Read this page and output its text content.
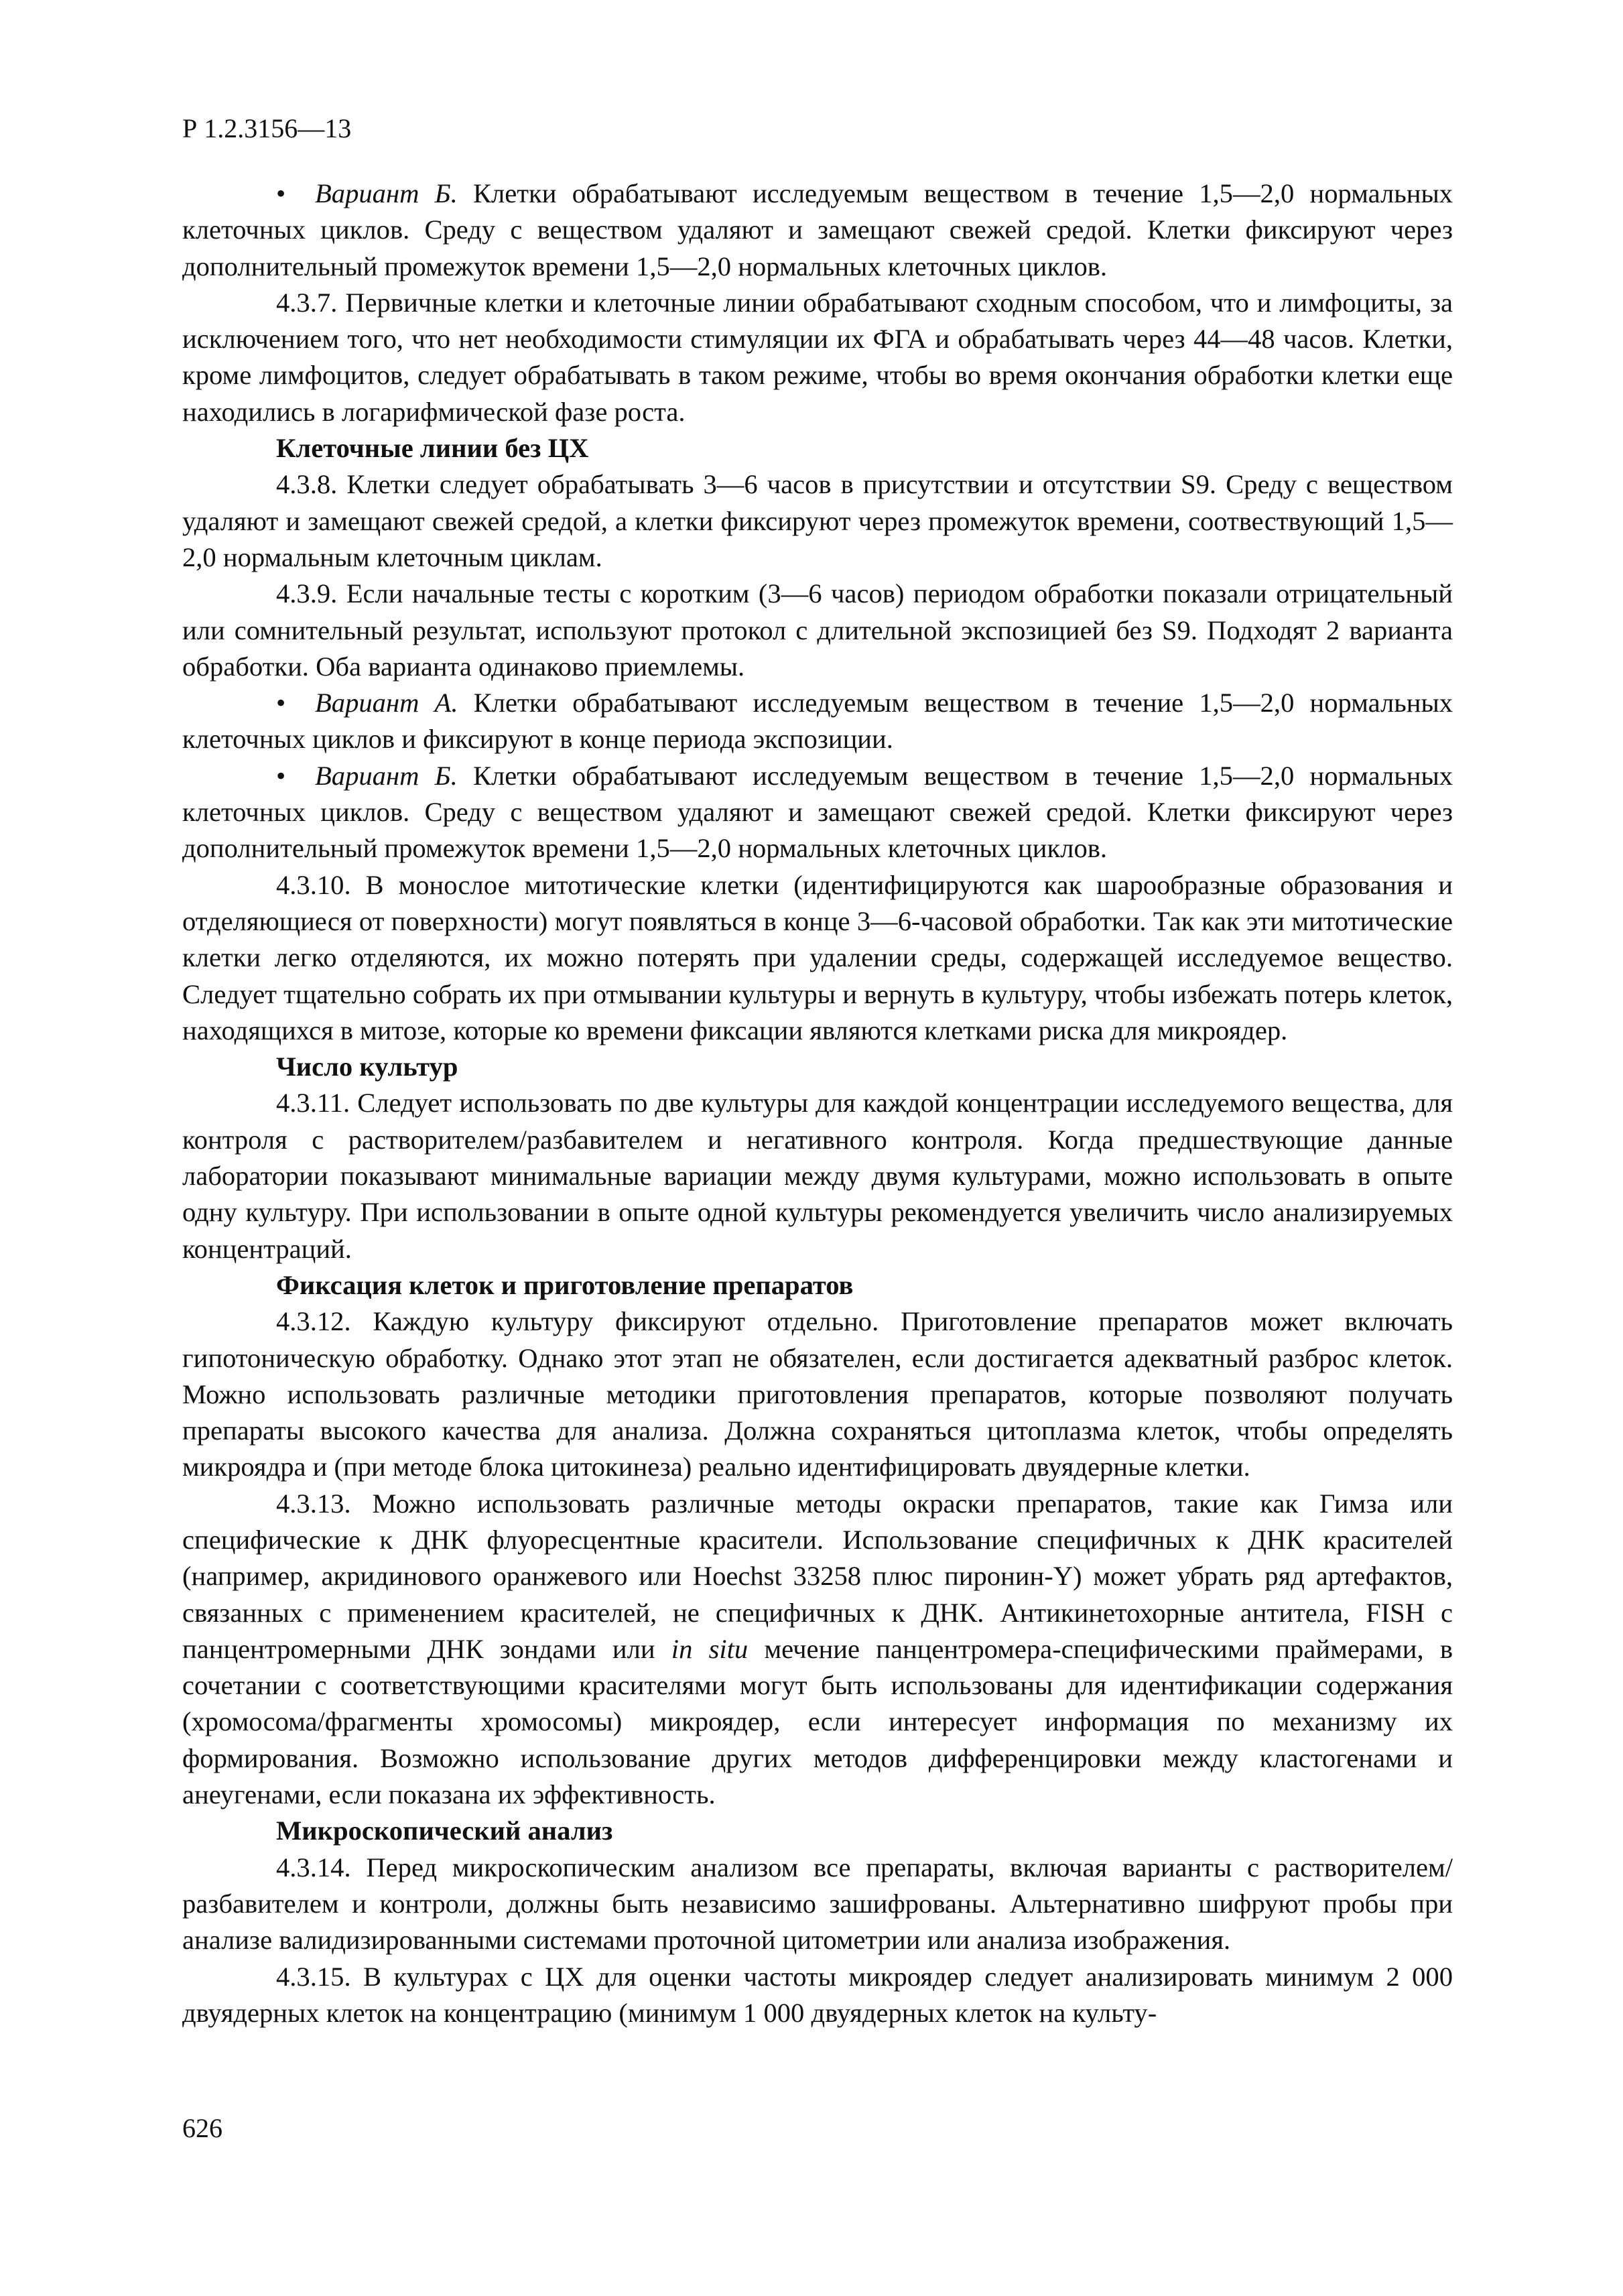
Р 1.2.3156—13

• Вариант Б. Клетки обрабатывают исследуемым веществом в течение 1,5—2,0 нормальных клеточных циклов. Среду с веществом удаляют и замещают свежей средой. Клетки фиксируют через дополнительный промежуток времени 1,5—2,0 нормальных клеточных циклов.

4.3.7. Первичные клетки и клеточные линии обрабатывают сходным способом, что и лимфоциты, за исключением того, что нет необходимости стимуляции их ФГА и обрабатывать через 44—48 часов. Клетки, кроме лимфоцитов, следует обрабатывать в таком режиме, чтобы во время окончания обработки клетки еще находились в логарифмической фазе роста.

Клеточные линии без ЦХ

4.3.8. Клетки следует обрабатывать 3—6 часов в присутствии и отсутствии S9. Среду с веществом удаляют и замещают свежей средой, а клетки фиксируют через промежуток времени, соотвествующий 1,5—2,0 нормальным клеточным циклам.

4.3.9. Если начальные тесты с коротким (3—6 часов) периодом обработки показали отрицательный или сомнительный результат, используют протокол с длительной экспозицией без S9. Подходят 2 варианта обработки. Оба варианта одинаково приемлемы.

• Вариант А. Клетки обрабатывают исследуемым веществом в течение 1,5—2,0 нормальных клеточных циклов и фиксируют в конце периода экспозиции.

• Вариант Б. Клетки обрабатывают исследуемым веществом в течение 1,5—2,0 нормальных клеточных циклов. Среду с веществом удаляют и замещают свежей средой. Клетки фиксируют через дополнительный промежуток времени 1,5—2,0 нормальных клеточных циклов.

4.3.10. В монослое митотические клетки (идентифицируются как шарообразные образования и отделяющиеся от поверхности) могут появляться в конце 3—6-часовой обработки. Так как эти митотические клетки легко отделяются, их можно потерять при удалении среды, содержащей исследуемое вещество. Следует тщательно собрать их при отмывании культуры и вернуть в культуру, чтобы избежать потерь клеток, находящихся в митозе, которые ко времени фиксации являются клетками риска для микроядер.

Число культур

4.3.11. Следует использовать по две культуры для каждой концентрации исследуемого вещества, для контроля с растворителем/разбавителем и негативного контроля. Когда предшествующие данные лаборатории показывают минимальные вариации между двумя культурами, можно использовать в опыте одну культуру. При использовании в опыте одной культуры рекомендуется увеличить число анализируемых концентраций.

Фиксация клеток и приготовление препаратов

4.3.12. Каждую культуру фиксируют отдельно. Приготовление препаратов может включать гипотоническую обработку. Однако этот этап не обязателен, если достигается адекватный разброс клеток. Можно использовать различные методики приготовления препаратов, которые позволяют получать препараты высокого качества для анализа. Должна сохраняться цитоплазма клеток, чтобы определять микроядра и (при методе блока цитокинеза) реально идентифицировать двуядерные клетки.

4.3.13. Можно использовать различные методы окраски препаратов, такие как Гимза или специфические к ДНК флуоресцентные красители. Использование специфичных к ДНК красителей (например, акридинового оранжевого или Hoechst 33258 плюс пиронин-Y) может убрать ряд артефактов, связанных с применением красителей, не специфичных к ДНК. Антикинетохорные антитела, FISH с панцентромерными ДНК зондами или in situ мечение панцентромера-специфическими праймерами, в сочетании с соответствующими красителями могут быть использованы для идентификации содержания (хромосома/фрагменты хромосомы) микроядер, если интересует информация по механизму их формирования. Возможно использование других методов дифференцировки между кластогенами и анеугенами, если показана их эффективность.

Микроскопический анализ

4.3.14. Перед микроскопическим анализом все препараты, включая варианты с растворителем/разбавителем и контроли, должны быть независимо зашифрованы. Альтернативно шифруют пробы при анализе валидизированными системами проточной цитометрии или анализа изображения.

4.3.15. В культурах с ЦХ для оценки частоты микроядер следует анализировать минимум 2 000 двуядерных клеток на концентрацию (минимум 1 000 двуядерных клеток на культу-

626
